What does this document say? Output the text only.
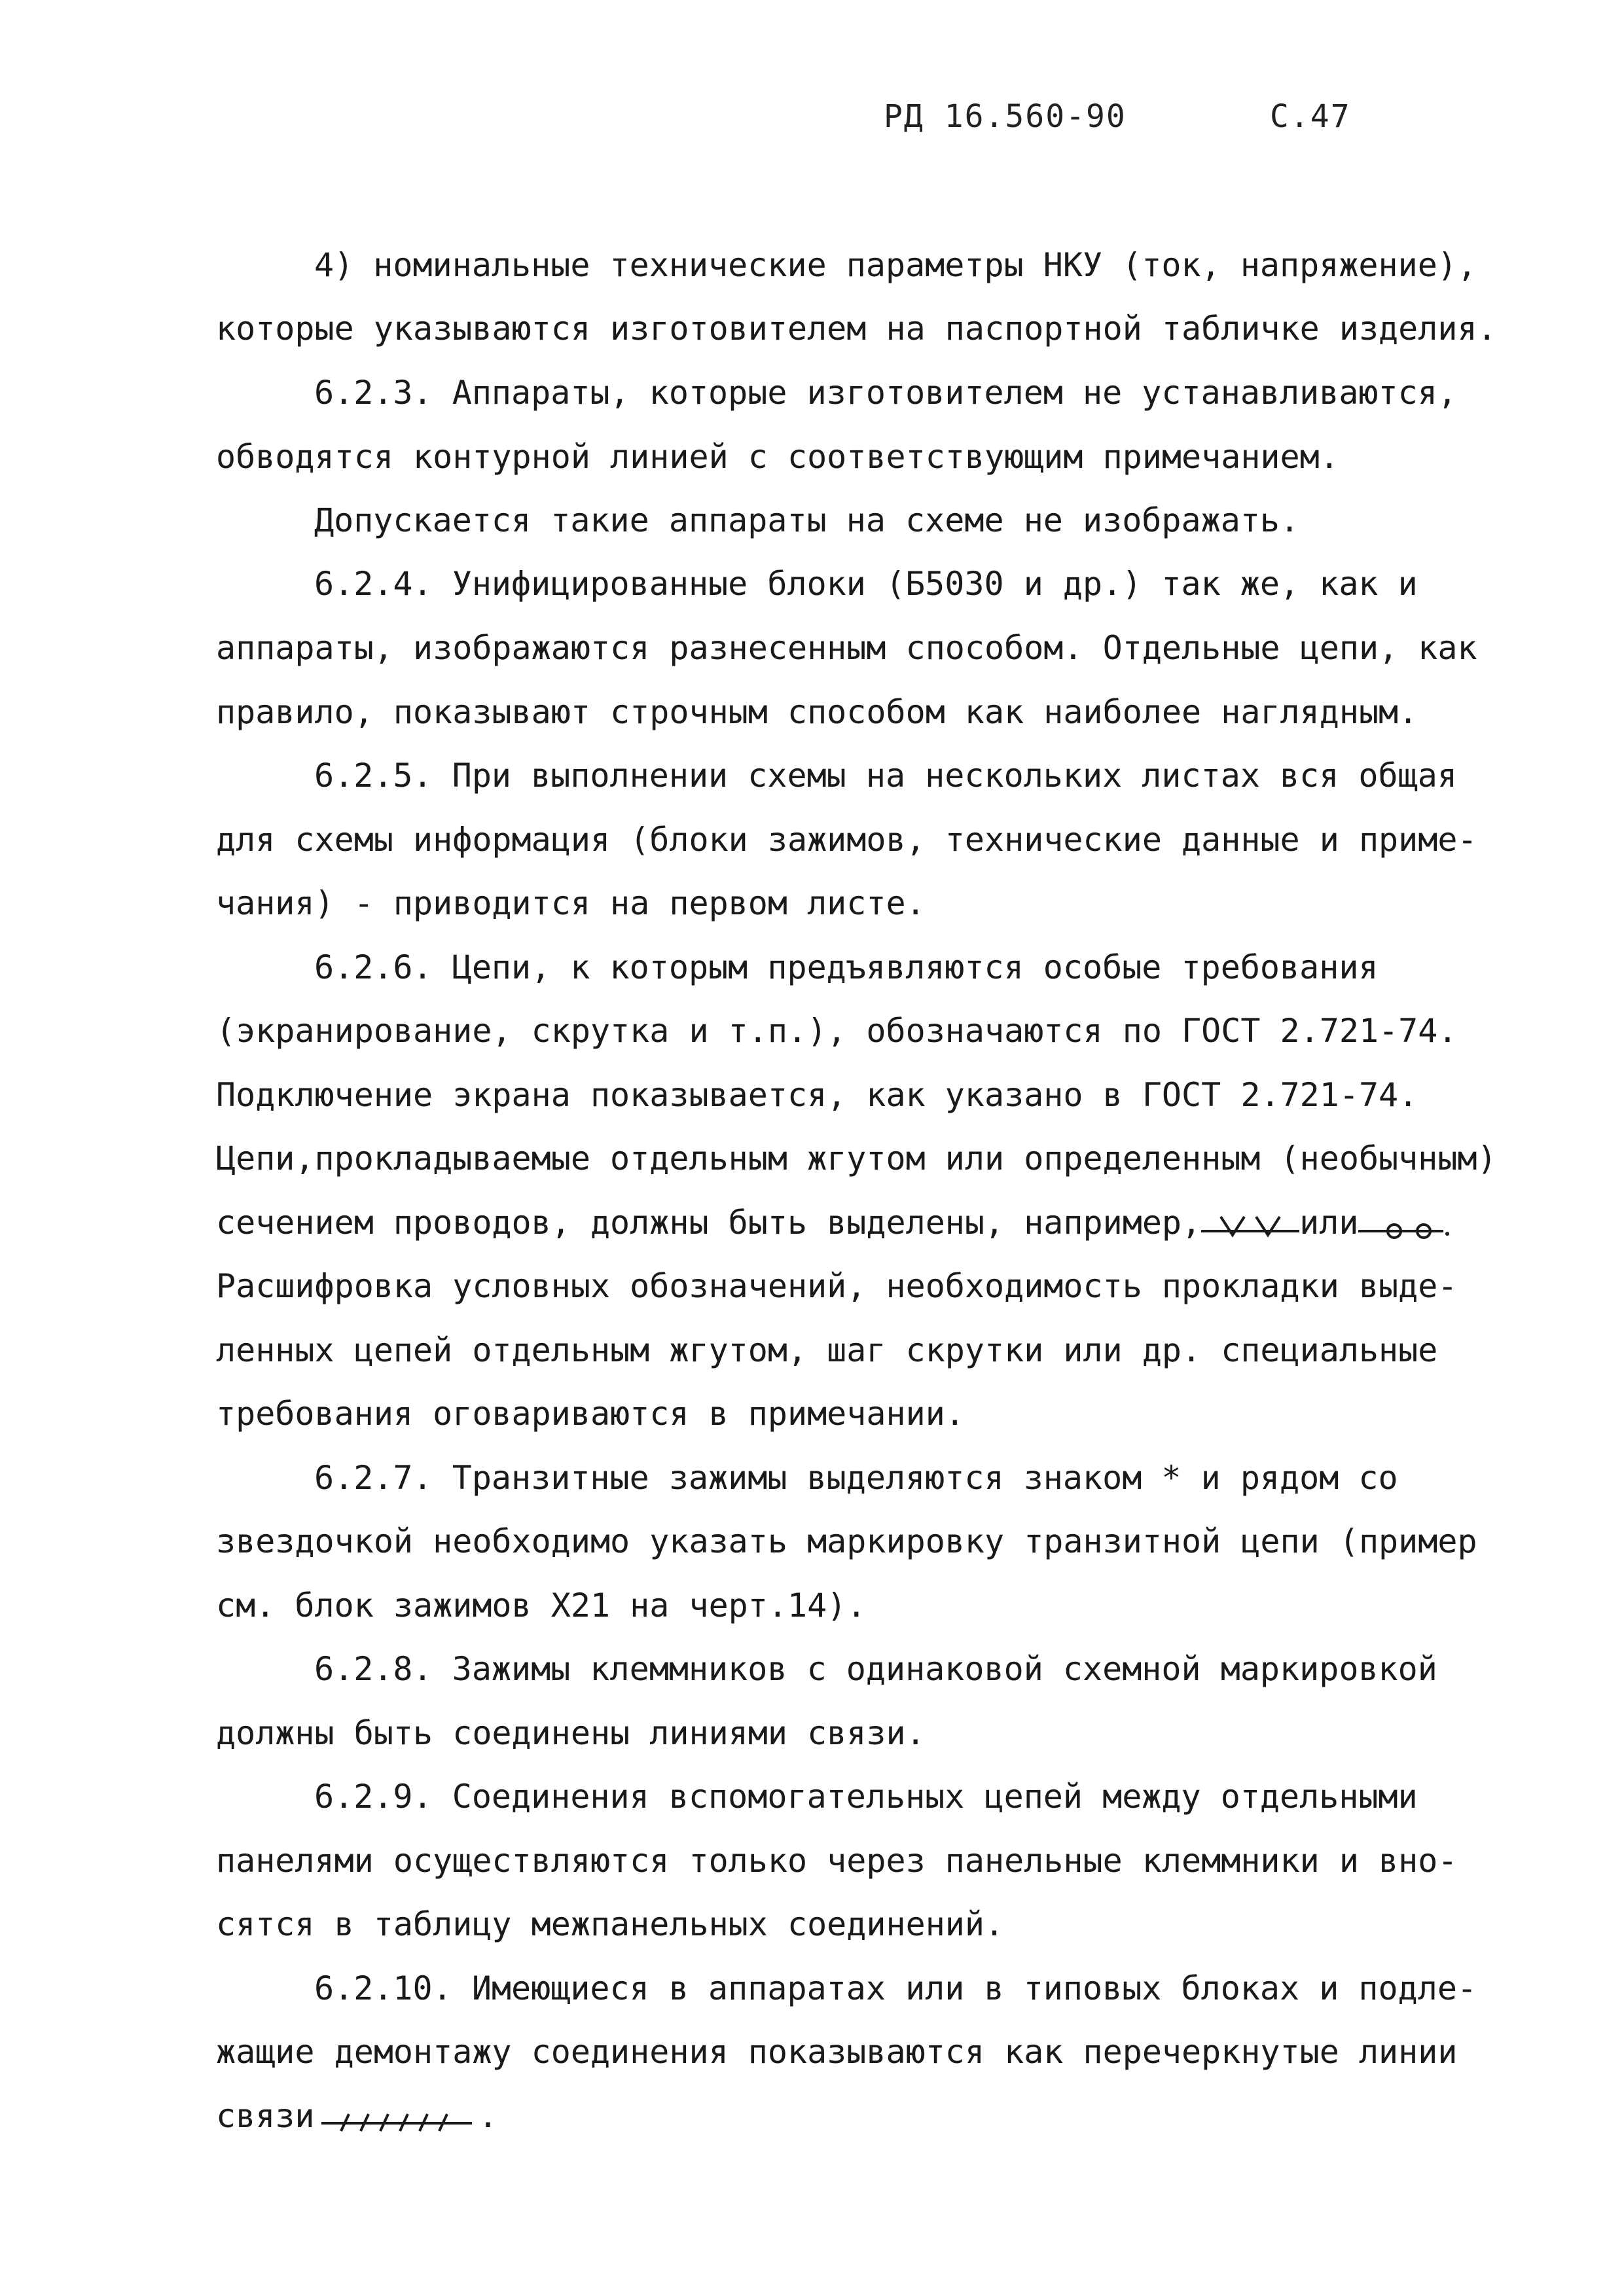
РД 16.560-90	С.47
4) номинальные технические параметры НКУ (ток, напряжение),
которые указываются изготовителем на паспортной табличке изделия.
6.2.3. Аппараты, которые изготовителем не устанавливаются,
обводятся контурной линией с соответствующим примечанием.
Допускается такие аппараты на схеме не изображать.
6.2.4. Унифицированные блоки (Б5030 и др.) так же, как и
аппараты, изображаются разнесенным способом. Отдельные цепи, как
правило, показывают строчным способом как наиболее наглядным.
6.2.5. При выполнении схемы на нескольких листах вся общая
для схемы информация (блоки зажимов, технические данные и приме-
чания) - приводится на первом листе.
6.2.6. Цепи, к которым предъявляются особые требования
(экранирование, скрутка и т.п.), обозначаются по ГОСТ 2.721-74.
Подключение экрана показывается, как указано в ГОСТ 2.721-74.
Цепи,прокладываемые отдельным жгутом или определенным (необычным)
сечением проводов, должны быть выделены, например,	или
Расшифровка условных обозначений, необходимость прокладки выде-
ленных цепей отдельным жгутом, шаг скрутки или др. специальные
требования оговариваются в примечании.
6.2.7. Транзитные зажимы выделяются знаком * и рядом со
звездочкой необходимо указать маркировку транзитной цепи (пример
см. блок зажимов X21 на черт.14).
6.2.8. Зажимы клеммников с одинаковой схемной маркировкой
должны быть соединены линиями связи.
6.2.9. Соединения вспомогательных цепей между отдельными
панелями осуществляются только через панельные клеммники и вно-
сятся в таблицу межпанельных соединений.
6.2.10. Имеющиеся в аппаратах или в типовых блоках и подле-
жащие демонтажу соединения показываются как перечеркнутые линии
связи	.
